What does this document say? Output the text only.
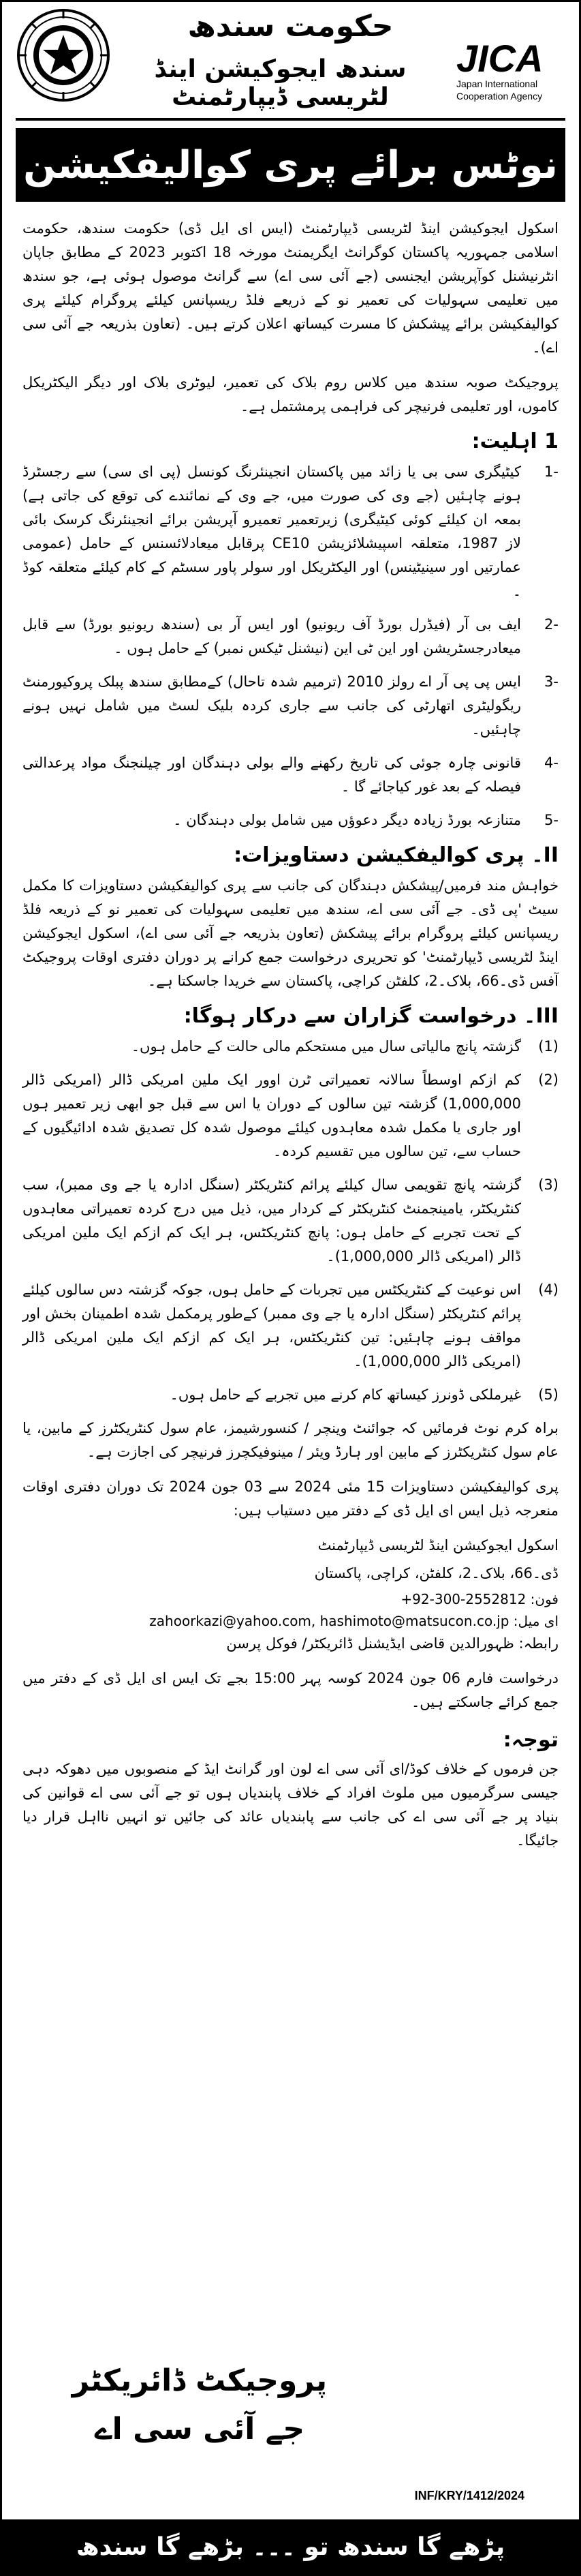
حکومت سندھ
سندھ ایجوکیشن اینڈ لٹریسی ڈیپارٹمنٹ
JICA
Japan International
Cooperation Agency
نوٹس برائے پری کوالیفکیشن

اسکول ایجوکیشن اینڈ لٹریسی ڈیپارٹمنٹ (ایس ای ایل ڈی) حکومت سندھ، حکومت اسلامی جمہوریہ پاکستان کوگرانٹ ایگریمنٹ مورخہ 18 اکتوبر 2023 کے مطابق جاپان انٹرنیشنل کوآپریشن ایجنسی (جے آئی سی اے) سے گرانٹ موصول ہوئی ہے، جو سندھ میں تعلیمی سہولیات کی تعمیر نو کے ذریعے فلڈ ریسپانس کیلئے پروگرام کیلئے پری کوالیفکیشن برائے پیشکش کا مسرت کیساتھ اعلان کرتے ہیں۔ (تعاون بذریعہ جے آئی سی اے)۔

پروجیکٹ صوبہ سندھ میں کلاس روم بلاک کی تعمیر، لیوٹری بلاک اور دیگر الیکٹریکل کاموں، اور تعلیمی فرنیچر کی فراہمی پرمشتمل ہے۔

1 اہلیت:
-1
کیٹیگری سی بی یا زائد میں پاکستان انجینئرنگ کونسل (پی ای سی) سے رجسٹرڈ ہونے چاہئیں (جے وی کی صورت میں، جے وی کے نمائندے کی توقع کی جاتی ہے) بمعہ ان کیلئے کوئی کیٹیگری) زیرتعمیر تعمیرو آپریشن برائے انجینئرنگ کرسک بائی لاز 1987، متعلقہ اسپیشلائزیشن CE10 پرقابل میعادلائسنس کے حامل (عمومی عمارتیں اور سینیٹینس) اور الیکٹریکل اور سولر پاور سسٹم کے کام کیلئے متعلقہ کوڈ ۔
-2
ایف بی آر (فیڈرل بورڈ آف ریونیو) اور ایس آر بی (سندھ ریونیو بورڈ) سے قابل میعادرجسٹریشن اور این ٹی این (نیشنل ٹیکس نمبر) کے حامل ہوں ۔
-3
ایس پی پی آر اے رولز 2010 (ترمیم شدہ تاحال) کےمطابق سندھ پبلک پروکیورمنٹ ریگولیٹری اتھارٹی کی جانب سے جاری کردہ بلیک لسٹ میں شامل نہیں ہونے چاہئیں۔
-4
قانونی چارہ جوئی کی تاریخ رکھنے والے بولی دہندگان اور چیلنجنگ مواد پرعدالتی فیصلہ کے بعد غور کیاجائے گا ۔
-5
متنازعہ بورڈ زیادہ دیگر دعوؤں میں شامل بولی دہندگان ۔
II۔ پری کوالیفکیشن دستاویزات:

خواہش مند فرمیں/پیشکش دہندگان کی جانب سے پری کوالیفکیشن دستاویزات کا مکمل سیٹ 'پی ڈی۔ جے آئی سی اے، سندھ میں تعلیمی سہولیات کی تعمیر نو کے ذریعہ فلڈ ریسپانس کیلئے پروگرام برائے پیشکش (تعاون بذریعہ جے آئی سی اے)، اسکول ایجوکیشن اینڈ لٹریسی ڈیپارٹمنٹ' کو تحریری درخواست جمع کرانے پر دوران دفتری اوقات پروجیکٹ آفس ڈی۔66، بلاک۔2، کلفٹن کراچی، پاکستان سے خریدا جاسکتا ہے۔

III۔ درخواست گزاران سے درکار ہوگا:
(1)
گزشتہ پانچ مالیاتی سال میں مستحکم مالی حالت کے حامل ہوں۔
(2)
کم ازکم اوسطاً سالانہ تعمیراتی ٹرن اوور ایک ملین امریکی ڈالر (امریکی ڈالر 1,000,000) گزشتہ تین سالوں کے دوران یا اس سے قبل جو ابھی زیر تعمیر ہوں اور جاری یا مکمل شدہ معاہدوں کیلئے موصول شدہ کل تصدیق شدہ ادائیگیوں کے حساب سے، تین سالوں میں تقسیم کردہ۔
(3)
گزشتہ پانچ تقویمی سال کیلئے پرائم کنٹریکٹر (سنگل ادارہ یا جے وی ممبر)، سب کنٹریکٹر، یامینجمنٹ کنٹریکٹر کے کردار میں، ذیل میں درج کردہ تعمیراتی معاہدوں کے تحت تجربے کے حامل ہوں: پانچ کنٹریکٹس، ہر ایک کم ازکم ایک ملین امریکی ڈالر (امریکی ڈالر 1,000,000)۔
(4)
اس نوعیت کے کنٹریکٹس میں تجربات کے حامل ہوں، جوکہ گزشتہ دس سالوں کیلئے پرائم کنٹریکٹر (سنگل ادارہ یا جے وی ممبر) کےطور پرمکمل شدہ اطمینان بخش اور مواقف ہونے چاہئیں: تین کنٹریکٹس، ہر ایک کم ازکم ایک ملین امریکی ڈالر (امریکی ڈالر 1,000,000)۔
(5)
غیرملکی ڈونرز کیساتھ کام کرنے میں تجربے کے حامل ہوں۔

براہ کرم نوٹ فرمائیں کہ جوائنٹ وینچر / کنسورشیمز، عام سول کنٹریکٹرز کے مابین، یا عام سول کنٹریکٹرز کے مابین اور ہارڈ ویئر / مینوفیکچرز فرنیچر کی اجازت ہے۔

پری کوالیفکیشن دستاویزات 15 مئی 2024 سے 03 جون 2024 تک دوران دفتری اوقات منعرجہ ذیل ایس ای ایل ڈی کے دفتر میں دستیاب ہیں:

اسکول ایجوکیشن اینڈ لٹریسی ڈیپارٹمنٹ
ڈی۔66، بلاک۔2، کلفٹن، کراچی، پاکستان

+92-300-2552812 :فون

zahoorkazi@yahoo.com, hashimoto@matsucon.co.jp :ای میل

رابطہ: ظہورالدین قاضی ایڈیشنل ڈائریکٹر/ فوکل پرسن

درخواست فارم 06 جون 2024 کوسہ پہر 15:00 بجے تک ایس ای ایل ڈی کے دفتر میں جمع کرائے جاسکتے ہیں۔

توجہ:

جن فرموں کے خلاف کوڈ/ای آئی سی اے لون اور گرانٹ ایڈ کے منصوبوں میں دھوکہ دہی جیسی سرگرمیوں میں ملوث افراد کے خلاف پابندیاں ہوں تو جے آئی سی اے قوانین کی بنیاد پر جے آئی سی اے کی جانب سے پابندیاں عائد کی جائیں تو انہیں نااہل قرار دیا جائیگا۔

پروجیکٹ ڈائریکٹر
جے آئی سی اے
INF/KRY/1412/2024
پڑھے گا سندھ تو ۔۔۔ بڑھے گا سندھ
